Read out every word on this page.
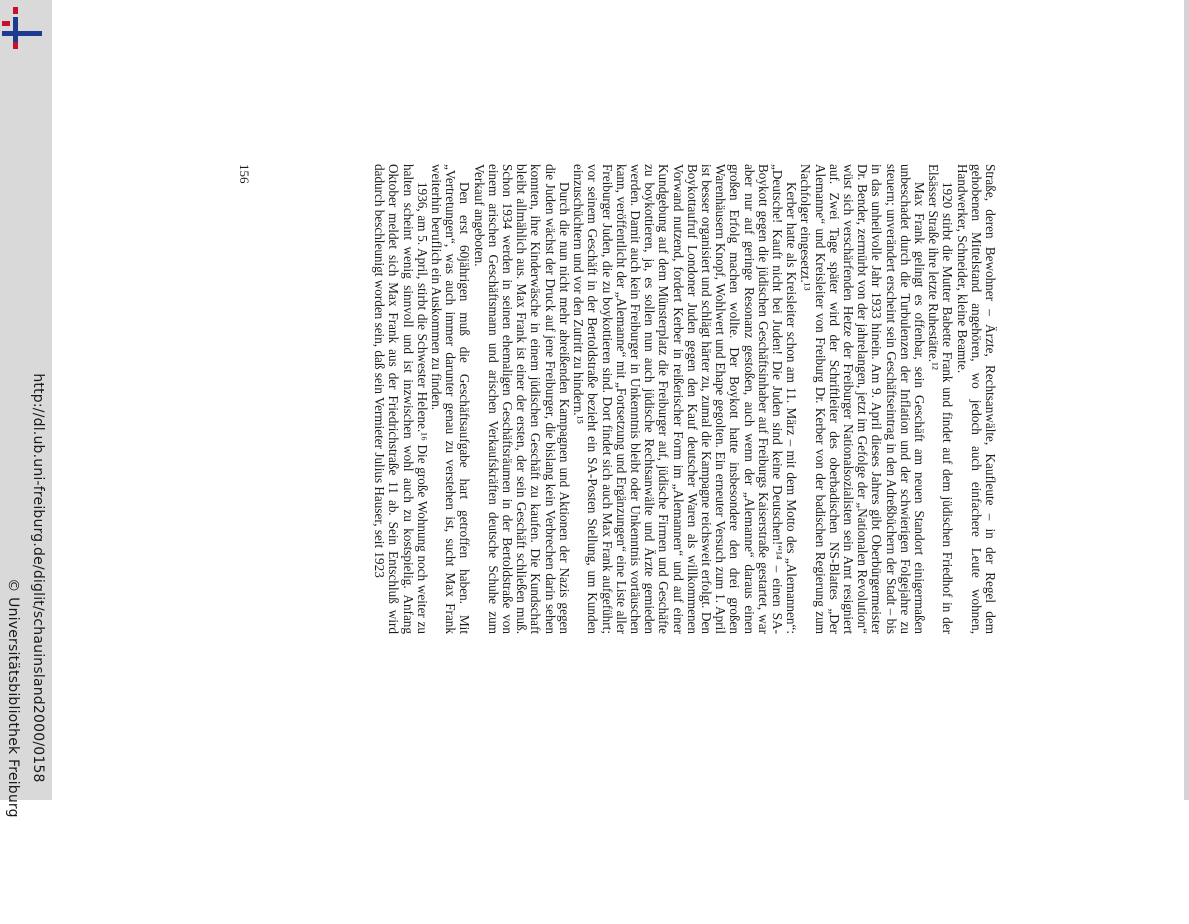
http://dl.ub.uni-freiburg.de/diglit/schauinsland2000/0158
© Universitätsbibliothek Freiburg

Straße, deren Bewohner – Ärzte, Rechtsanwälte, Kaufleute – in der Regel dem gehobenen Mittelstand angehören, wo jedoch auch einfachere Leute wohnen, Handwerker, Schneider, kleine Beamte.

1920 stirbt die Mutter Babette Frank und findet auf dem jüdischen Friedhof in der Elsässer Straße ihre letzte Ruhestätte.¹²

Max Frank gelingt es offenbar, sein Geschäft am neuen Standort einigermaßen unbeschadet durch die Turbulenzen der Inflation und der schwierigen Folgejahre zu steuern; unverändert erscheint sein Geschäftseintrag in den Adreßbüchern der Stadt – bis in das unheilvolle Jahr 1933 hinein. Am 9. April dieses Jahres gibt Oberbürgermeister Dr. Bender, zermürbt von der jahrelangen, jetzt im Gefolge der „Nationalen Revolution“ wüst sich verschärfenden Hetze der Freiburger Nationalsozialisten sein Amt resigniert auf. Zwei Tage später wird der Schriftleiter des oberbadischen NS-Blattes „Der Alemanne“ und Kreisleiter von Freiburg Dr. Kerber von der badischen Regierung zum Nachfolger eingesetzt.¹³

Kerber hatte als Kreisleiter schon am 11. März – mit dem Motto des „Alemannen“: „Deutsche! Kauft nicht bei Juden! Die Juden sind keine Deutschen!“¹⁴ – einen SA-Boykott gegen die jüdischen Geschäftsinhaber auf Freiburgs Kaiserstraße gestartet, war aber nur auf geringe Resonanz gestoßen, auch wenn der „Alemanne“ daraus einen großen Erfolg machen wollte. Der Boykott hatte insbesondere den drei großen Warenhäusern Knopf, Wohlwert und Ehape gegolten. Ein erneuter Versuch zum 1. April ist besser organisiert und schlägt härter zu, zumal die Kampagne reichsweit erfolgt. Den Boykottaufruf Londoner Juden gegen den Kauf deutscher Waren als willkommenen Vorwand nutzend, fordert Kerber in reißerischer Form im „Alemannen“ und auf einer Kundgebung auf dem Münsterplatz die Freiburger auf, jüdische Firmen und Geschäfte zu boykottieren, ja, es sollen nun auch jüdische Rechtsanwälte und Ärzte gemieden werden. Damit auch kein Freiburger in Unkenntnis bleibt oder Unkenntnis vortäuschen kann, veröffentlicht der „Alemanne“ mit „Fortsetzung und Ergänzungen“ eine Liste aller Freiburger Juden, die zu boykottieren sind. Dort findet sich auch Max Frank aufgeführt; vor seinem Geschäft in der Bertoldstraße bezieht ein SA-Posten Stellung, um Kunden einzuschüchtern und vor den Zutritt zu hindern.¹⁵

Durch die nun nicht mehr abreißenden Kampagnen und Aktionen der Nazis gegen die Juden wächst der Druck auf jene Freiburger, die bislang kein Verbrechen darin sehen konnten, ihre Kinderwäsche in einem jüdischen Geschäft zu kaufen. Die Kundschaft bleibt allmählich aus. Max Frank ist einer der ersten, der sein Geschäft schließen muß. Schon 1934 werden in seinen ehemaligen Geschäftsräumen in der Bertoldstraße von einem arischen Geschäftsmann und arischen Verkaufskräften deutsche Schuhe zum Verkauf angeboten.

Den erst 60jährigen muß die Geschäftsaufgabe hart getroffen haben. Mit „Vertretungen“, was auch immer darunter genau zu verstehen ist, sucht Max Frank weiterhin beruflich ein Auskommen zu finden.

1936, am 5. April, stirbt die Schwester Helene.¹⁶ Die große Wohnung noch weiter zu halten scheint wenig sinnvoll und ist inzwischen wohl auch zu kostspielig. Anfang Oktober meldet sich Max Frank aus der Friedrichstraße 11 ab. Sein Entschluß wird dadurch beschleunigt worden sein, daß sein Vermieter Julius Hauser, seit 1923

156
